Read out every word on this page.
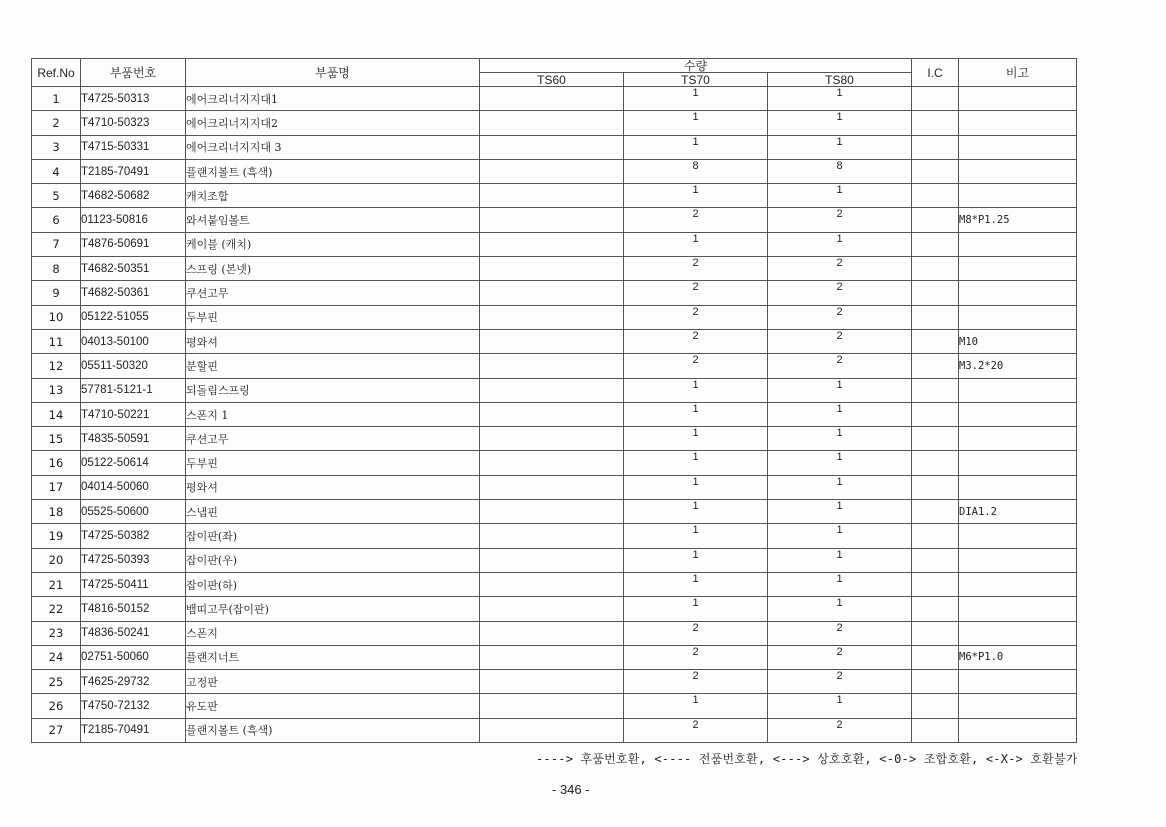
Ref.No	부품번호	부품명	수량			I.C	비고
			TS60	TS70	TS80		
1	T4725-50313	에어크리너지지대1		1	1		
2	T4710-50323	에어크리너지지대2		1	1		
3	T4715-50331	에어크리너지지대 3		1	1		
4	T2185-70491	플랜지볼트 (흑색)		8	8		
5	T4682-50682	캐치조합		1	1		
6	01123-50816	와셔붙임볼트		2	2		M8*P1.25
7	T4876-50691	케이블 (캐치)		1	1		
8	T4682-50351	스프링 (본넷)		2	2		
9	T4682-50361	쿠션고무		2	2		
10	05122-51055	두부핀		2	2		
11	04013-50100	평와셔		2	2		M10
12	05511-50320	분할핀		2	2		M3.2*20
13	57781-5121-1	되돌림스프링		1	1		
14	T4710-50221	스폰지 1		1	1		
15	T4835-50591	쿠션고무		1	1		
16	05122-50614	두부핀		1	1		
17	04014-50060	평와셔		1	1		
18	05525-50600	스냅핀		1	1		DIA1.2
19	T4725-50382	잡이판(좌)		1	1		
20	T4725-50393	잡이판(우)		1	1		
21	T4725-50411	잡이판(하)		1	1		
22	T4816-50152	뱀띠고무(잡이판)		1	1		
23	T4836-50241	스폰지		2	2		
24	02751-50060	플랜지너트		2	2		M6*P1.0
25	T4625-29732	고정판		2	2		
26	T4750-72132	유도판		1	1		
27	T2185-70491	플랜지볼트 (흑색)		2	2		
----> 후품번호환, <---- 전품번호환, <---> 상호호환, <-0-> 조합호환, <-X-> 호환불가
- 346 -
